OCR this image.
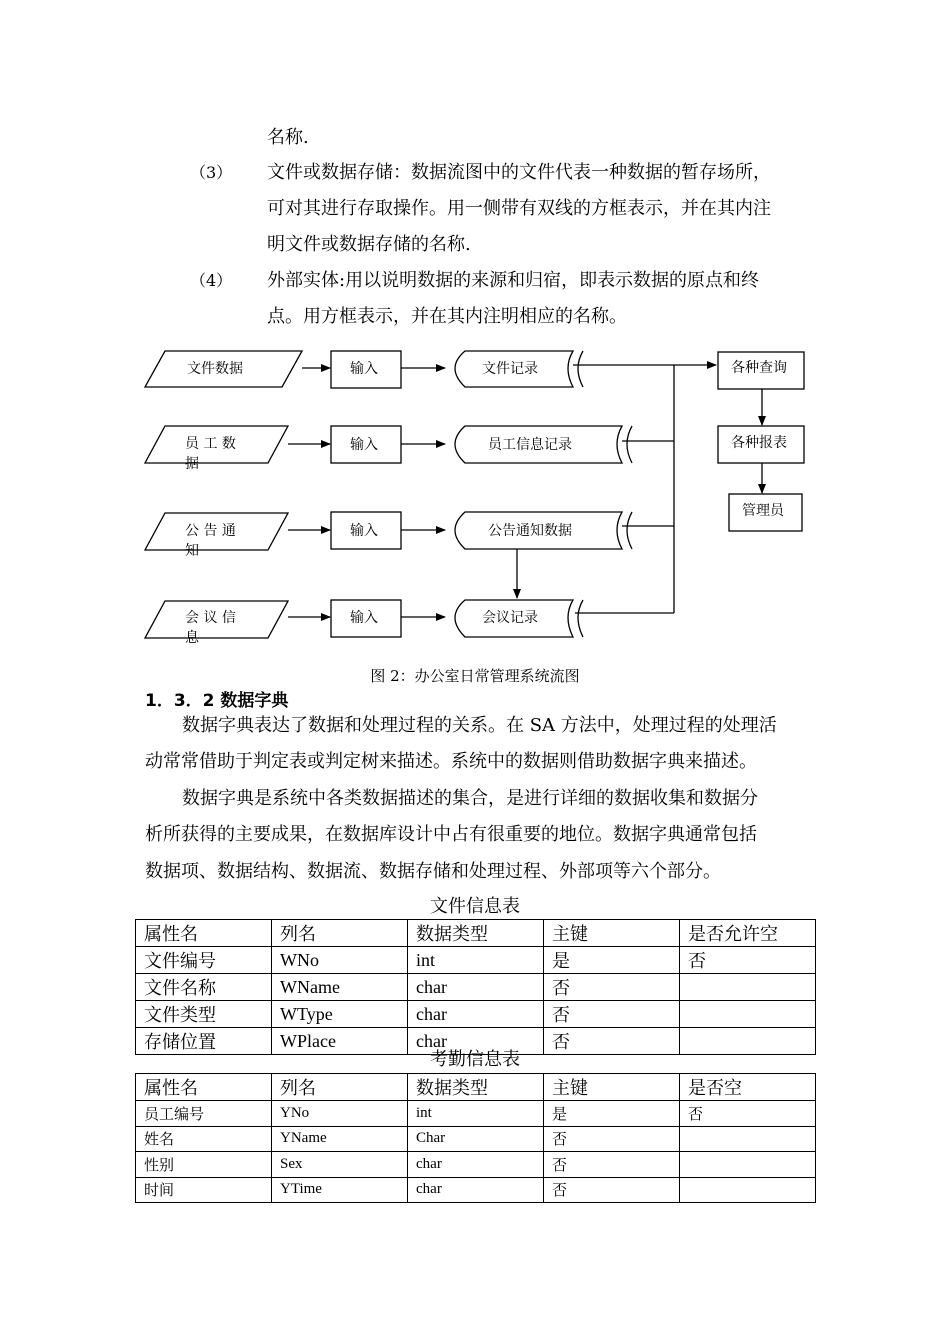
名称.
（3） 文件或数据存储：数据流图中的文件代表一种数据的暂存场所，
可对其进行存取操作。用一侧带有双线的方框表示，并在其内注
明文件或数据存储的名称.
（4） 外部实体:用以说明数据的来源和归宿，即表示数据的原点和终
点。用方框表示，并在其内注明相应的名称。
文件数据
员 工 数
据
公 告 通
知
会 议 信
息
输入
输入
输入
输入
文件记录
员工信息记录
公告通知数据
会议记录
各种查询
各种报表
管理员
图 2：办公室日常管理系统流图
1．3．2 数据字典
数据字典表达了数据和处理过程的关系。在 SA 方法中，处理过程的处理活
动常常借助于判定表或判定树来描述。系统中的数据则借助数据字典来描述。
数据字典是系统中各类数据描述的集合，是进行详细的数据收集和数据分
析所获得的主要成果，在数据库设计中占有很重要的地位。数据字典通常包括
数据项、数据结构、数据流、数据存储和处理过程、外部项等六个部分。
文件信息表
属性名	列名	数据类型	主键	是否允许空
文件编号	WNo	int	是	否
文件名称	WName	char	否	
文件类型	WType	char	否	
存储位置	WPlace	char	否	
考勤信息表
属性名	列名	数据类型	主键	是否空
员工编号	YNo	int	是	否
姓名	YName	Char	否	
性别	Sex	char	否	
时间	YTime	char	否	
